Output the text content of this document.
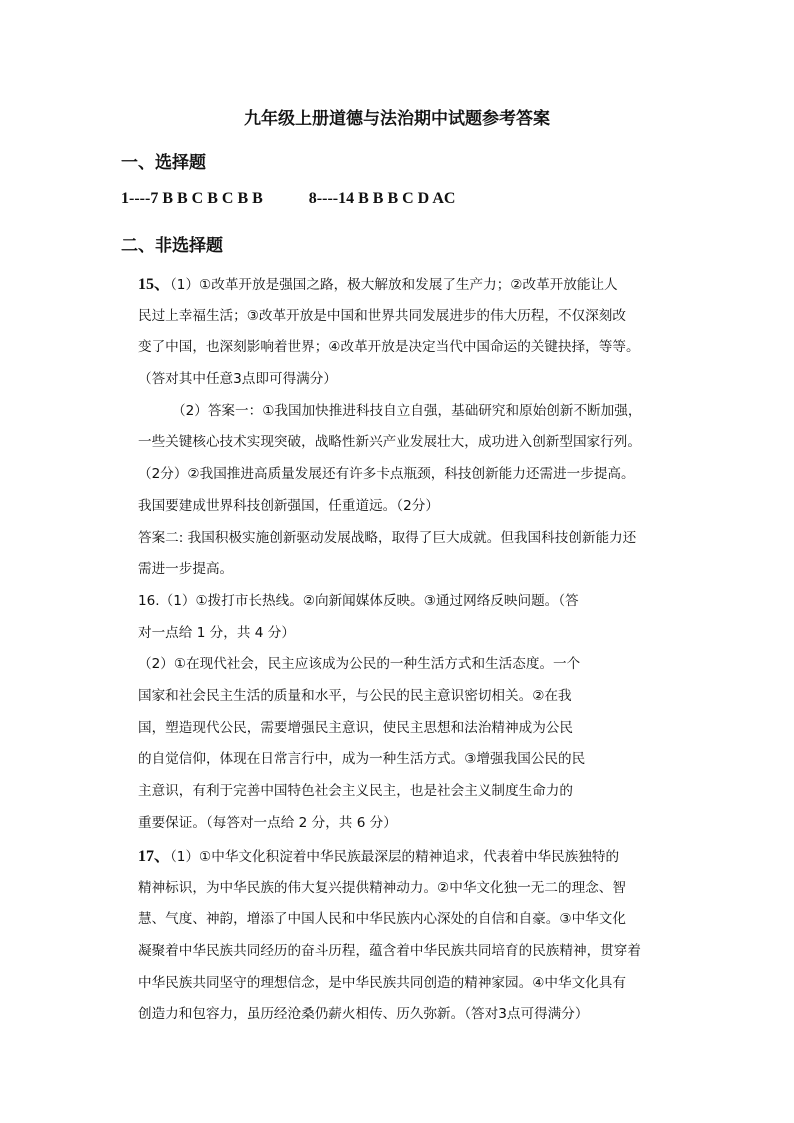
九年级上册道德与法治期中试题参考答案
一、选择题
1----7 B B C B C B B	8----14 B B B C D AC
二、非选择题
15、（1）①改革开放是强国之路，极大解放和发展了生产力；②改革开放能让人
民过上幸福生活；③改革开放是中国和世界共同发展进步的伟大历程，不仅深刻改
变了中国，也深刻影响着世界；④改革开放是决定当代中国命运的关键抉择，等等。
（答对其中任意3点即可得满分）
（2）答案一：①我国加快推进科技自立自强，基础研究和原始创新不断加强，
一些关键核心技术实现突破，战略性新兴产业发展壮大，成功进入创新型国家行列。
（2分）②我国推进高质量发展还有许多卡点瓶颈，科技创新能力还需进一步提高。
我国要建成世界科技创新强国，任重道远。（2分）
答案二: 我国积极实施创新驱动发展战略，取得了巨大成就。但我国科技创新能力还
需进一步提高。
16.（1）①拨打市长热线。②向新闻媒体反映。③通过网络反映问题。（答
对一点给 1 分，共 4 分）
（2）①在现代社会，民主应该成为公民的一种生活方式和生活态度。一个
国家和社会民主生活的质量和水平，与公民的民主意识密切相关。②在我
国，塑造现代公民，需要增强民主意识，使民主思想和法治精神成为公民
的自觉信仰，体现在日常言行中，成为一种生活方式。③增强我国公民的民
主意识，有利于完善中国特色社会主义民主，也是社会主义制度生命力的
重要保证。（每答对一点给 2 分，共 6 分）
17、（1）①中华文化积淀着中华民族最深层的精神追求，代表着中华民族独特的
精神标识，为中华民族的伟大复兴提供精神动力。②中华文化独一无二的理念、智
慧、气度、神韵，增添了中国人民和中华民族内心深处的自信和自豪。③中华文化
凝聚着中华民族共同经历的奋斗历程，蕴含着中华民族共同培育的民族精神，贯穿着
中华民族共同坚守的理想信念，是中华民族共同创造的精神家园。④中华文化具有
创造力和包容力，虽历经沧桑仍薪火相传、历久弥新。（答对3点可得满分）
